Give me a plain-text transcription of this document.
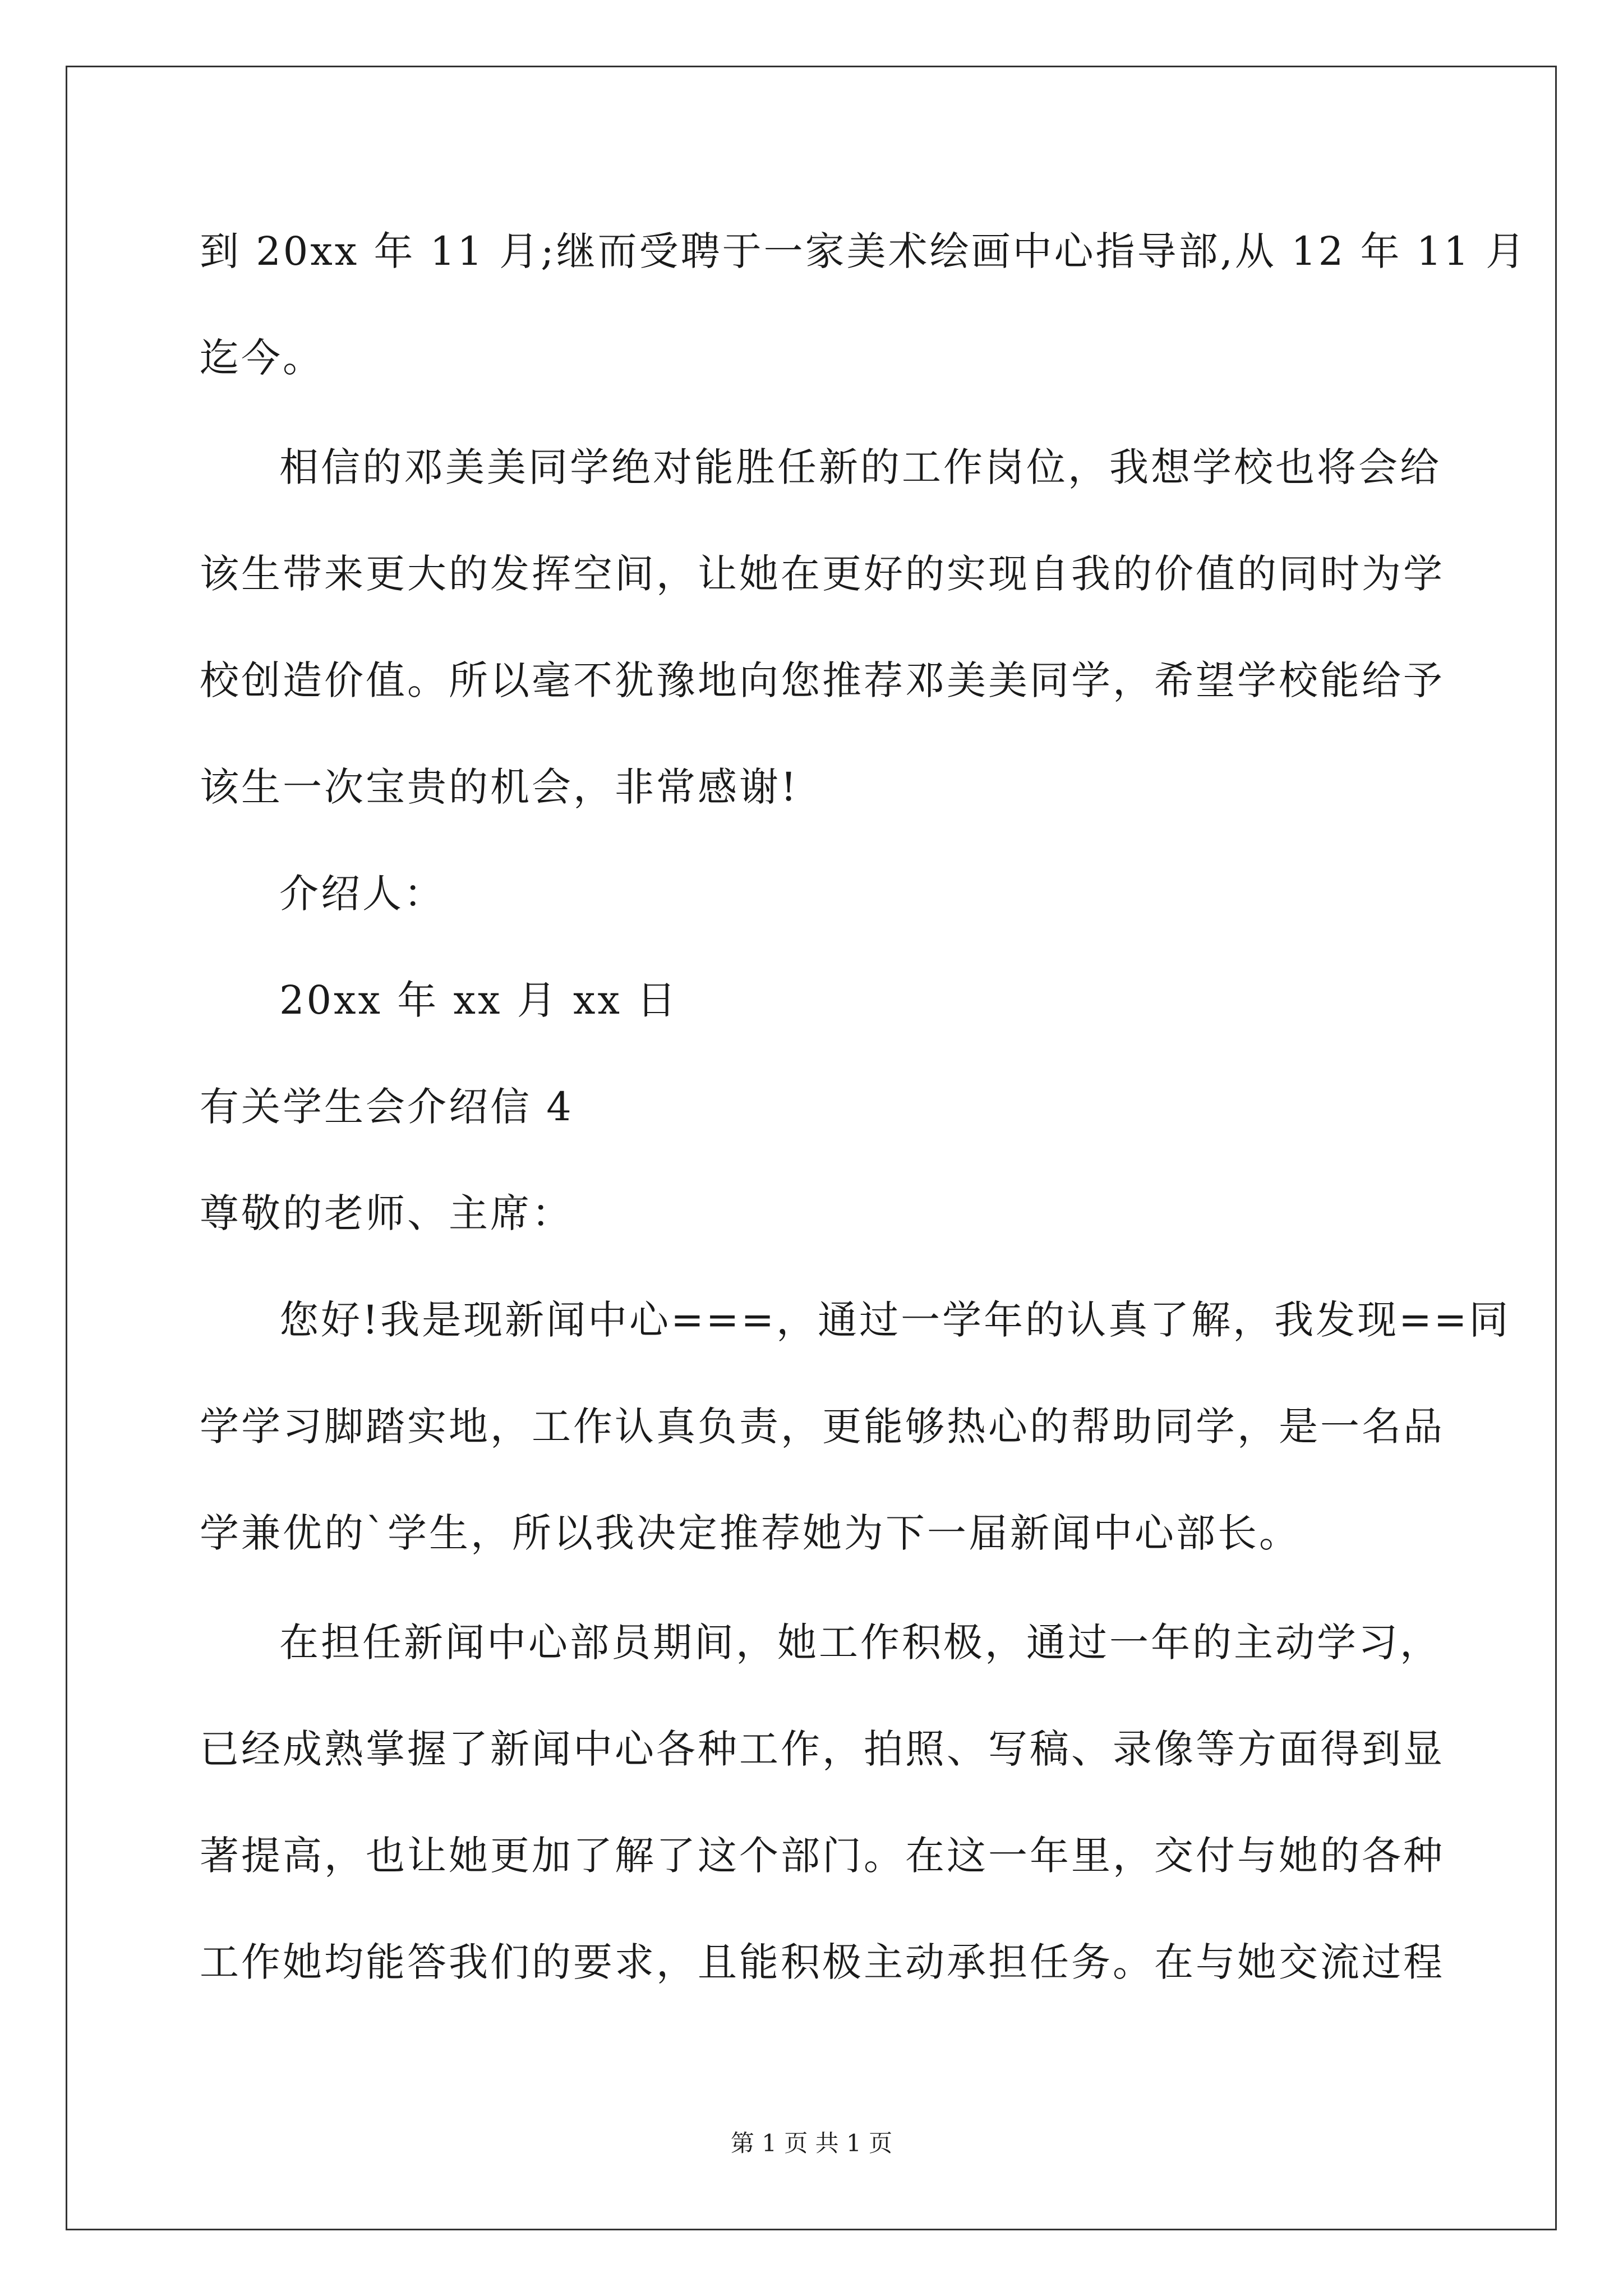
到 20xx 年 11 月;继而受聘于一家美术绘画中心指导部,从 12 年 11 月
迄今。
相信的邓美美同学绝对能胜任新的工作岗位，我想学校也将会给
该生带来更大的发挥空间，让她在更好的实现自我的价值的同时为学
校创造价值。所以毫不犹豫地向您推荐邓美美同学，希望学校能给予
该生一次宝贵的机会，非常感谢!
介绍人：
20xx 年 xx 月 xx 日
有关学生会介绍信 4
尊敬的老师、主席：
您好!我是现新闻中心===，通过一学年的认真了解，我发现==同
学学习脚踏实地，工作认真负责，更能够热心的帮助同学，是一名品
学兼优的`学生，所以我决定推荐她为下一届新闻中心部长。
在担任新闻中心部员期间，她工作积极，通过一年的主动学习，
已经成熟掌握了新闻中心各种工作，拍照、写稿、录像等方面得到显
著提高，也让她更加了解了这个部门。在这一年里，交付与她的各种
工作她均能答我们的要求，且能积极主动承担任务。在与她交流过程
第 1 页 共 1 页
